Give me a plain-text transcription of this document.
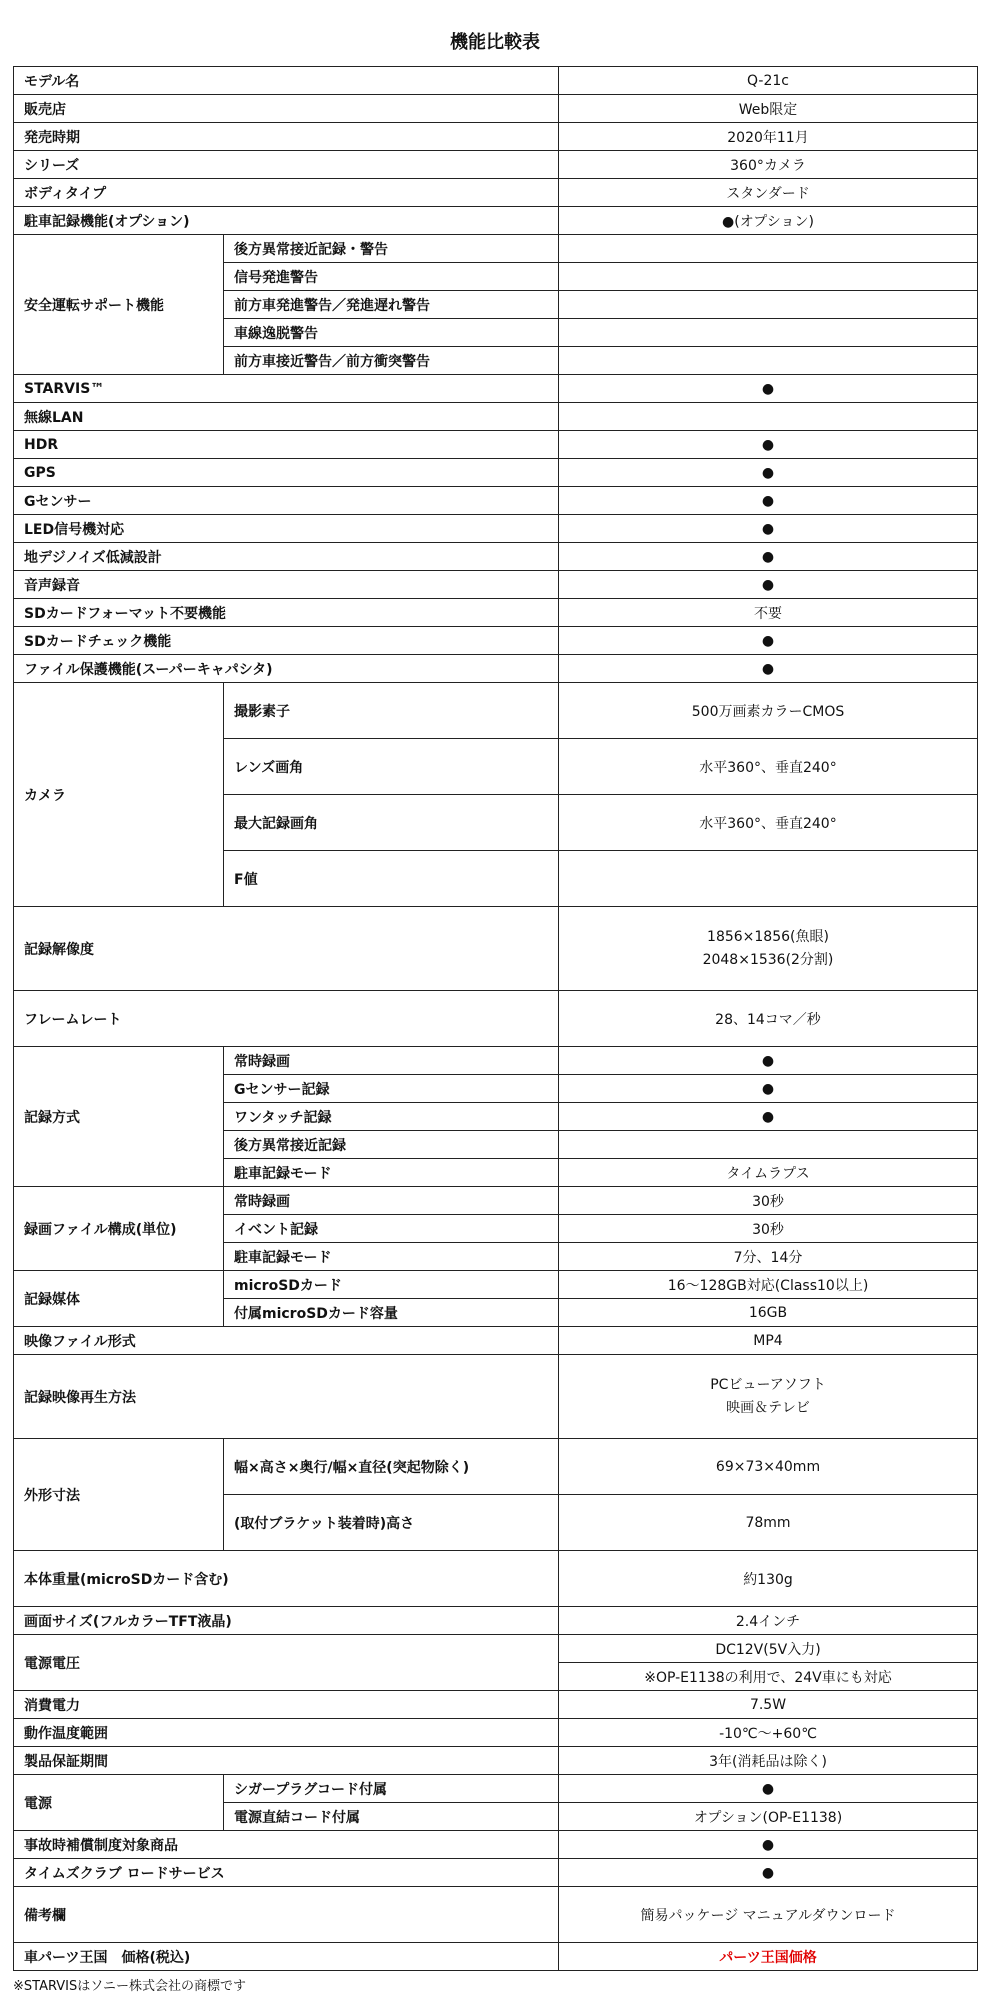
機能比較表
モデル名		Q-21c
販売店		Web限定
発売時期		2020年11月
シリーズ		360°カメラ
ボディタイプ		スタンダード
駐車記録機能(オプション)		●(オプション)
安全運転サポート機能	後方異常接近記録・警告	
	信号発進警告	
	前方車発進警告／発進遅れ警告	
	車線逸脱警告	
	前方車接近警告／前方衝突警告	
STARVIS™		●
無線LAN		
HDR		●
GPS		●
Gセンサー		●
LED信号機対応		●
地デジノイズ低減設計		●
音声録音		●
SDカードフォーマット不要機能		不要
SDカードチェック機能		●
ファイル保護機能(スーパーキャパシタ)		●
カメラ	撮影素子	500万画素カラーCMOS
	レンズ画角	水平360°、垂直240°
	最大記録画角	水平360°、垂直240°
	F値	
記録解像度		1856×1856(魚眼)
2048×1536(2分割)

フレームレート		28、14コマ／秒
記録方式	常時録画	●
	Gセンサー記録	●
	ワンタッチ記録	●
	後方異常接近記録	
	駐車記録モード	タイムラプス
録画ファイル構成(単位)	常時録画	30秒
	イベント記録	30秒
	駐車記録モード	7分、14分
記録媒体	microSDカード	16～128GB対応(Class10以上)
	付属microSDカード容量	16GB
映像ファイル形式		MP4
記録映像再生方法		PCビューアソフト
映画＆テレビ

外形寸法	幅×高さ×奥行/幅×直径(突起物除く)	69×73×40mm
	(取付ブラケット装着時)高さ	78mm
本体重量(microSDカード含む)		約130g
画面サイズ(フルカラーTFT液晶)		2.4インチ
電源電圧		DC12V(5V入力)
		※OP-E1138の利用で、24V車にも対応
消費電力		7.5W
動作温度範囲		-10℃～+60℃
製品保証期間		3年(消耗品は除く)
電源	シガープラグコード付属	●
	電源直結コード付属	オプション(OP-E1138)
事故時補償制度対象商品		●
タイムズクラブ ロードサービス		●
備考欄		簡易パッケージ マニュアルダウンロード
車パーツ王国　価格(税込)		パーツ王国価格
※STARVISはソニー株式会社の商標です
